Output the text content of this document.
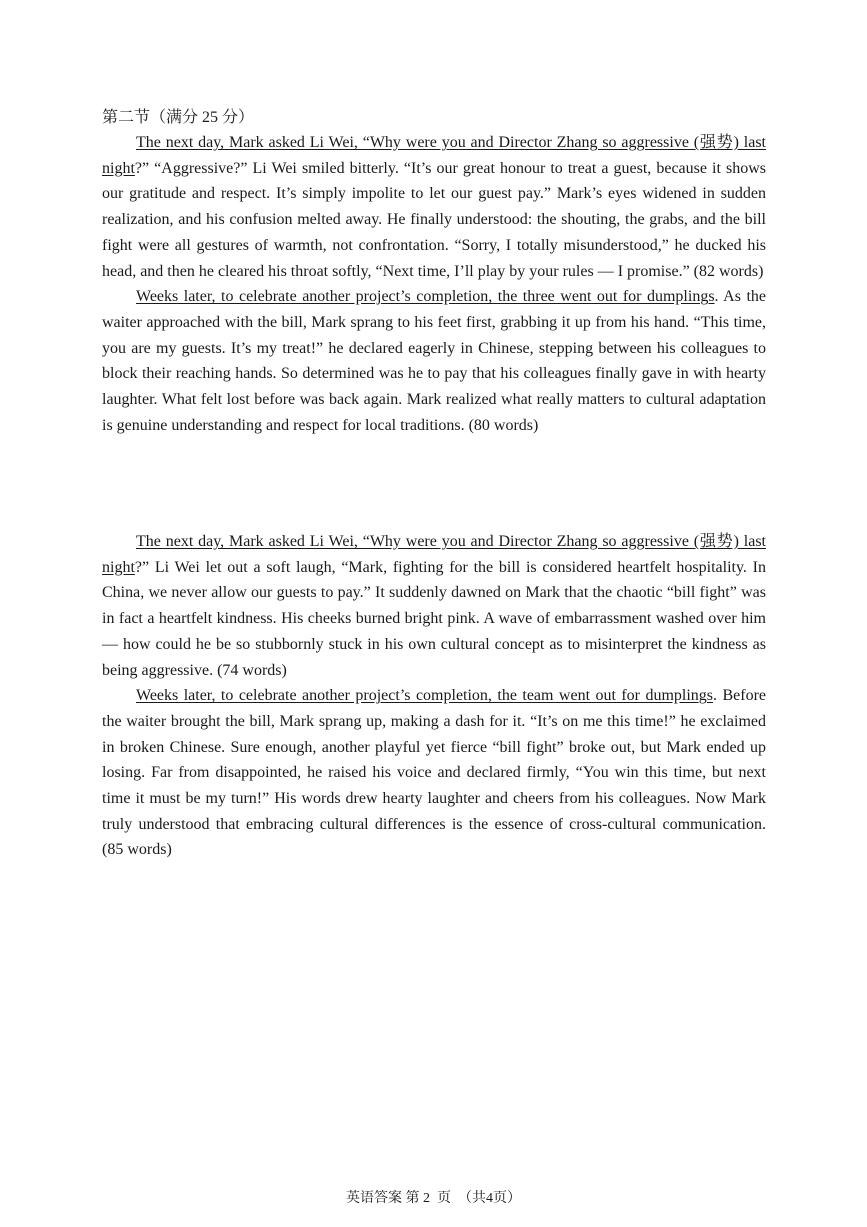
第二节（满分 25 分）

The next day, Mark asked Li Wei, “Why were you and Director Zhang so aggressive (强势) last night?” “Aggressive?” Li Wei smiled bitterly. “It’s our great honour to treat a guest, because it shows our gratitude and respect. It’s simply impolite to let our guest pay.” Mark’s eyes widened in sudden realization, and his confusion melted away. He finally understood: the shouting, the grabs, and the bill fight were all gestures of warmth, not confrontation. “Sorry, I totally misunderstood,” he ducked his head, and then he cleared his throat softly, “Next time, I’ll play by your rules — I promise.” (82 words)

Weeks later, to celebrate another project’s completion, the three went out for dumplings. As the waiter approached with the bill, Mark sprang to his feet first, grabbing it up from his hand. “This time, you are my guests. It’s my treat!” he declared eagerly in Chinese, stepping between his colleagues to block their reaching hands. So determined was he to pay that his colleagues finally gave in with hearty laughter. What felt lost before was back again. Mark realized what really matters to cultural adaptation is genuine understanding and respect for local traditions. (80 words)

The next day, Mark asked Li Wei, “Why were you and Director Zhang so aggressive (强势) last night?” Li Wei let out a soft laugh, “Mark, fighting for the bill is considered heartfelt hospitality. In China, we never allow our guests to pay.” It suddenly dawned on Mark that the chaotic “bill fight” was in fact a heartfelt kindness. His cheeks burned bright pink. A wave of embarrassment washed over him — how could he be so stubbornly stuck in his own cultural concept as to misinterpret the kindness as being aggressive. (74 words)

Weeks later, to celebrate another project’s completion, the team went out for dumplings. Before the waiter brought the bill, Mark sprang up, making a dash for it. “It’s on me this time!” he exclaimed in broken Chinese. Sure enough, another playful yet fierce “bill fight” broke out, but Mark ended up losing. Far from disappointed, he raised his voice and declared firmly, “You win this time, but next time it must be my turn!” His words drew hearty laughter and cheers from his colleagues. Now Mark truly understood that embracing cultural differences is the essence of cross-cultural communication. (85 words)

英语答案 第 2 页 （共4页）
